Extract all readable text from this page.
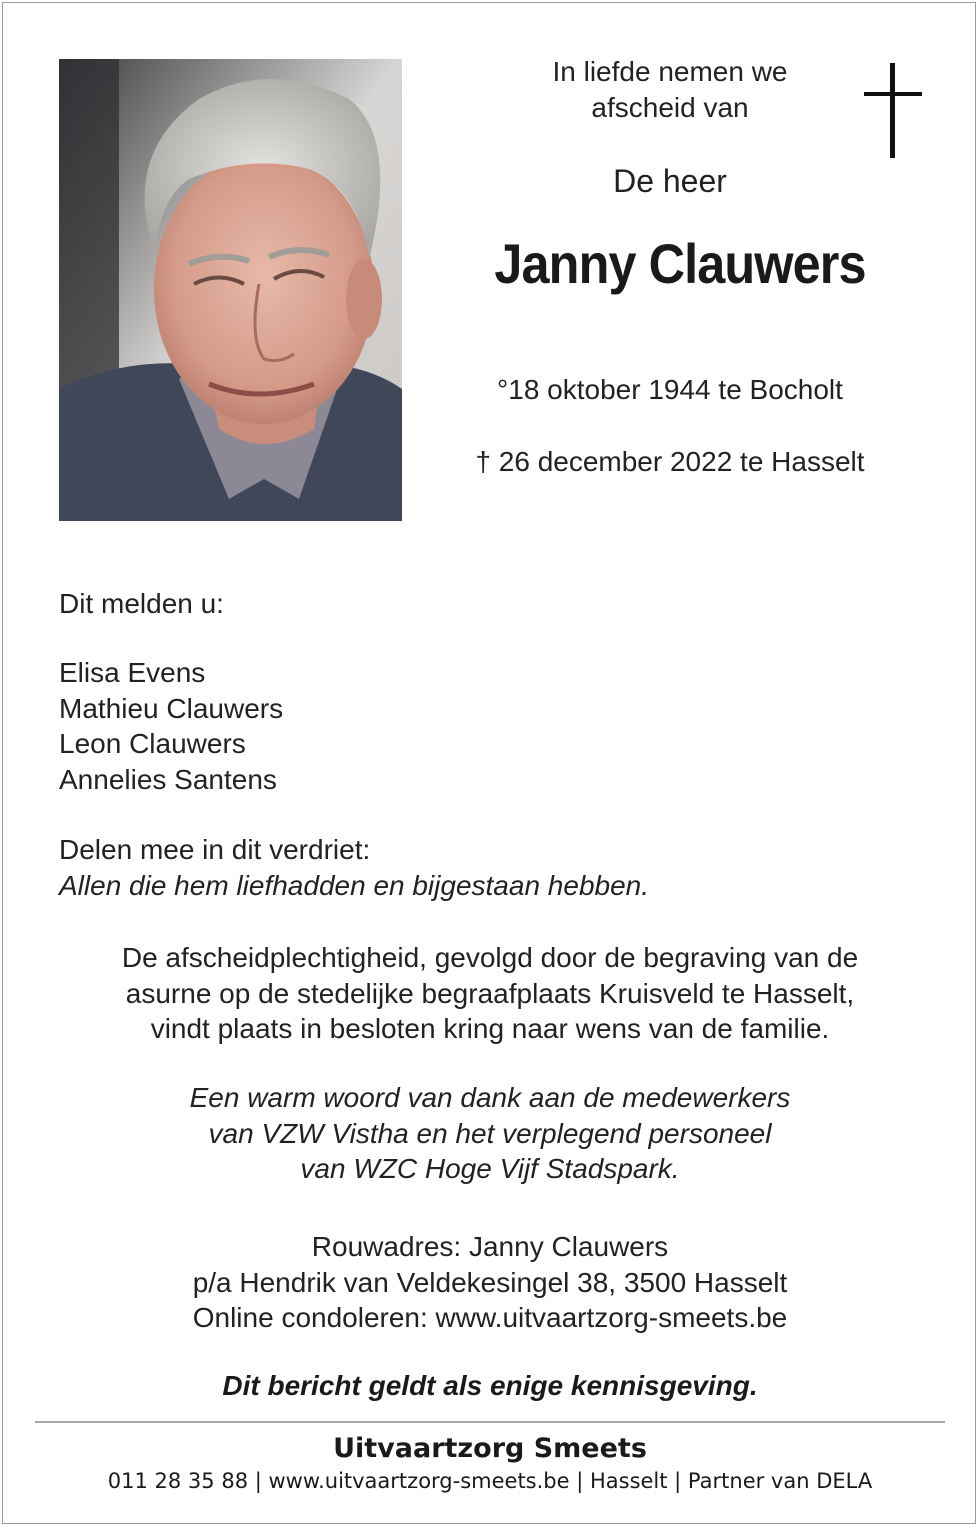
In liefde nemen we
afscheid van
De heer
Janny Clauwers
°18 oktober 1944 te Bocholt
† 26 december 2022 te Hasselt
Dit melden u:
Elisa Evens
Mathieu Clauwers
Leon Clauwers
Annelies Santens
Delen mee in dit verdriet:
Allen die hem liefhadden en bijgestaan hebben.
De afscheidplechtigheid, gevolgd door de begraving van de
asurne op de stedelijke begraafplaats Kruisveld te Hasselt,
vindt plaats in besloten kring naar wens van de familie.
Een warm woord van dank aan de medewerkers
van VZW Vistha en het verplegend personeel
van WZC Hoge Vijf Stadspark.
Rouwadres: Janny Clauwers
p/a Hendrik van Veldekesingel 38, 3500 Hasselt
Online condoleren: www.uitvaartzorg-smeets.be
Dit bericht geldt als enige kennisgeving.
Uitvaartzorg Smeets
011 28 35 88 | www.uitvaartzorg-smeets.be | Hasselt | Partner van DELA
